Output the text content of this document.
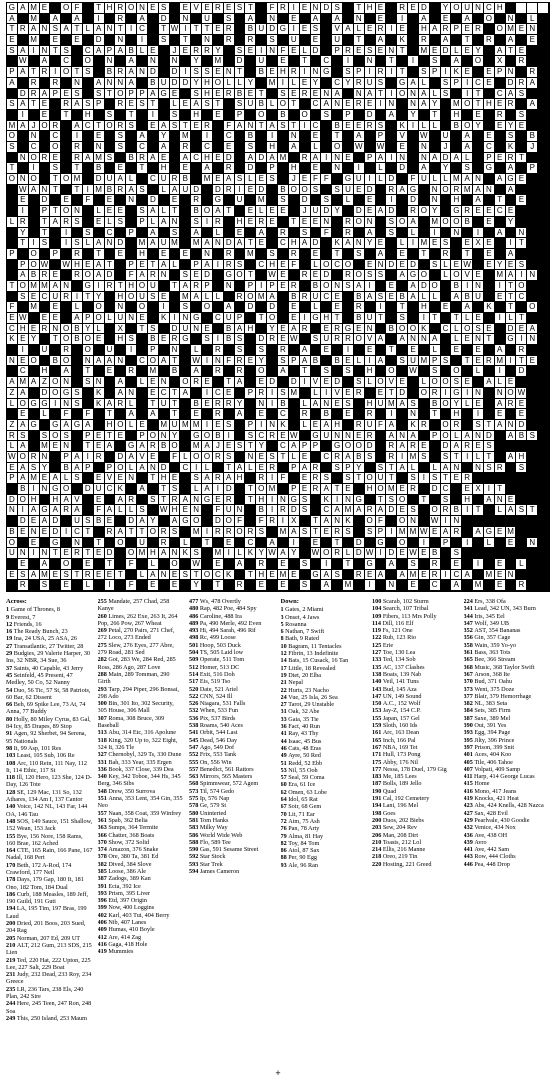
G A M E	O F	T H R O N E S	E V E R E S T	F R I E N D S	T H E	R E D	Y O U N C H
A	M	A	A	I	R	A	D	N	U	S	A	N	E	A	A	N	E	I	A	E	A	O	N	L
T R A N S A T L A N T I C	T W I T T E R	B U D G I E S	V A L E R I E	H A R P E R	O M E N
E	M	E	E	D	N	I	S	T	N	R	R	S	U	E	U	T	A	K	R	A	T	R	A	E
S A I N T S	C A P A B L E	J E R R Y	S E I N F E L D	P R E S E N T	M E D L E Y	A T E
W A	C	O	N	A	N	N	Y	M	D	U	E	T	C	I	N	T	I	S	A	O	X	R
P A T R I O T S	B R A N D	D I S S E N T	B E H R I N G	S P I R I T	S P I K E	E P N	R
A	R	R	N	A N N A	B U D D Y H O L L Y	M I L E Y	C Y R U S	G A L	S P I C E	D R A
D R A P E S	S T O P P A G E	S H E R B E T	S E R E N A	N A T I O N A L S	I T	C A S
S A T E	R A S P	R E S T	L E A S T	S U B L O T	C A N E R E I N	N A Y	M O T H E R	A
I	E	T	H	S	T	I	S	H	E	P	O	B	O	S	P	D	A	Y	T	H	E	R	S
M A J O R	A C T O R S	E A S T E R	F A N T A S T I C	B E E R S	K I L L	B O Y	E Y E
O	N	C	I	E	S	A	Y	M	I	C	B	I	N	E	T	A	P	V	W U	A	E	S	B
S	C	O	R	N	S	C	A	R	C	E	S	H	A	L	O	W W E	N	J	A	C	K	J
N O R E	R A M S	B R A E	A C H E D	A D A M	R A I N E	P A I N	N A D A L	P E R T
T	I	S	T	B	E	T	H	E	A	R	D	P	H	E	N	I	L	D	A	Y	S	G	A	P
O N O	T O M	D U A L	C U R B	M E A S L E S	J E F F	G U I L D	F U L L M A N	A G E
W A N T	T I M B R A S	L A U D	D R I E D	B O O S	S U E D	R A G	N O R M A N	A
E	D	E	F	E	N	D	E	R	G	U	M	S	D	S	L	E	I	D	N	H	A	T	E
I	P T O N	L E E	S A L T	B O A T	E L E E	J U D Y	D E A D	R O Y	G R E E C E
L R	T A R S	E L S	P L A N	S I R	H E R E	T E E N	R O N	S O A	M O O B	E	Y
Y	T	I	S	C	P	A	S	A	L	E	A	R	S	F	R	A	S	L	I	N	I	A	N
T I S	I S L A N D	M A U M	M A N D A T E	C H A D	K A N Y E	L I M E S	E X E	I T
P	O	P	R	T	E	H	E	E	N	R	M	S	R	E	T	S	A	E	T	R	T	E	A
P O W W H E A T	P E T A L	P A I R S	C H E F	L O C O	E N D E D	S L E W E Y E S
A B R E	R O A D	F A R N	S E D	G O T	W E	R E D	R O S S	A G O	L O V E	M A I N
T O M M A N	G I R T H O U	T A R P	N	P I P E R	B O N S A I	E	A D O	B I N	I T O
S E C U R I T Y	H O U S E	M A L L	R O M A	B R U C E	B A S E B A L L	A B U	E T C
F	M	E	L	O	N	O	I	S	O	A	D	D	E	L	E	R	I	T	H	E	A	K	T	O
E W E E	A P O L U N E	K I N G	C U P	T O	E I G H T	B U T	S	I T	T L E	I L T
C H E R N O B Y L	X	T S	D U N E	B A H	Y E A R	E R G E N	B O O K	C L O S E	D E A
K E Y	T O B O E	H S	B E R G	S I B S	D R E W S U R R O V A	A N N A	L E N T	G I N
I	U	R	O	U	I	P	N	L	R	S	S	R	A	E	I	E	T	E	L	E	E	A	R
N E O	B O	N A A N	C O A T	W I N F R E Y	S P A B	B E L I A	S U M P S	T E R M I T E
C	H	A	T	E	R	M	B	A	R	R	O	A	T	S	S	H	O	W S	O	L	I	D
A M A Z O N	S N	A	L E N	O R E	T A	E D	D I V E D	S L O V E	L O O S E	A L E
Z A	D O G S	K	A N	E C T A	I C E	P R I S M	L I V E R	E T D	O R I G I N	N O W
L O G G I N S	K A R L	T U T	B E R R Y	N I B	L A N E S	H U M A S	B O Y L E	A R E
E	L	F	F	T	A	A	T	E	R	A	E	C	R	B	E	R	I	N	T	H	I	E	E
Z A G	G A G A	H O L E	M U M M I E S	P I N K	L E A H	R U F A	K R	O R	S T A N D
R S	S O S	P E T E	P O N Y	G O B I	S C R E W G U N N E R	A N A	P O L A N D	A B S
L A	M E N	T E A	G A R B O	M A J E S T Y	C A P P	G O O D	R A R E	D A R E S
W O R N	P A I R	D A V E	F L O O R S	N E S T L E	C R A B S	R I M S	S T I L T	A H
E A S Y	B A P	P O L A N D	C I L	T A L E R	P A R	S P Y	S T A L	L A N	N S R	S
P A M E A L S	E V E N	T H E	S A R A H	R I F	E R S	S T O U T	S I S T E R
B I N G O	D U C K	A	T S	L A I D	T O M	P E R A T E	H O M E R	D C	E X I T
D O H	H A V	E	A R	S T R A N G E R	T H I N G S	K I N G	T S O	T	S	H	A N E
N I A G A R A	F A L L S	W H E N	F U N	B I R D S	C A M A R A D E S	O R B I T	L A S T
D E A D	U S B E	D A Y	A G O	D O F	F R I X	T A N K	O F	O N	W I N
B E N E D I C T	R A T T O R S	M I R R O R S	M A S T E R S	S P I M M W E A R	A G E M
O	E	G	N	T	O	U	R	L	T	E	C	A	I	E	T	D	G	O	I	P	I	L	E	N
U N I N T E R T E D	O M H A N K S	M I L K Y W A Y	W O R L D W I D E W E B	S
E	A	O	E	T	F	L	O	W E	A	R	E	S	I	T	G	A	S	R	E	I	E	L
E S A M E S T R E E T	L A N E S T O C K	T H E M E	G A S	R E A	A M E R I C A	M E N
R	S	E	L	I	F	E	E	Y	T	R	E	E	S	A	M	I	N	E	C	A	M	E	R
Across:
1 Game of Thrones, 8
9 Everest, 7
12 Friends, 16
16 The Ready Bunch, 23
19 Ina, 24 USA, 25 ASA, 26
27 Transatlantic, 27 Twitter, 28
29 Budgies, 29 Valerie Harper, 30 Ins, 32 NBR, 34 Sue, 36
37 Saints, 40 Capable, 43 Jerry
45 Seinfeld, 45 Present, 47 Medley, 50 Co, 52 Nanny
54 Duo, 56 Tic, 57 St, 58 Patriots, 60 Bar, 62 Dissent
66 Beh, 69 Spike Lee, 73 At, 74 Anna, 77 Buddy
80 Holly, 80 Miley Cyrus, 83 Gal, 84 Icy, 85 Drapes, 89 Stop
91 Agen, 92 Sherbet, 94 Serena, 95 Nationals
98 It, 99 Asp, 101 Res
103 Least, 105 Sub, 106 Re
108 Arc, 110 Rein, 111 Nay, 112 It, 114 Ethic, 117 St
118 Ill, 120 Hero, 123 She, 124 D-Day, 126 Tote
128 SE, 129 Mac, 131 So, 132 Athares, 134 Am I, 137 Cantor
140 Voice, 142 NL, 143 Far, 144 OA, 146 Tau
148 SOS, 149 Sauce, 151 Shallow, 152 Wean, 153 Jack
155 Bye, 156 Nore, 158 Rams, 160 Brae, 162 Ached
164 CTE, 165 Rain, 166 Pane, 167 Nadal, 168 Pert
170 Beth, 172 A-Rod, 174 Crawford, 177 Neil
178 Days, 179 Gap, 180 It, 181 Ono, 182 Tom, 184 Dual
186 Curb, 188 Measles, 189 Jeff, 190 Guild, 191 Guti
194 LA, 195 Tim, 197 Bras, 199 Laud
200 Dried, 201 Boos, 203 Sued, 204 Rag
205 Norman, 207 Ed, 209 UT
210 ALT, 212 Gum, 213 SDS, 215 Lien
219 Ted, 220 Hat, 222 Upton, 225 Lee, 227 Salt, 229 Boat
231 Judy, 232 Dead, 233 Roy, 234 Greece
235 LR, 236 Tars, 238 Els, 240 Plan, 242 Sire
244 Here, 245 Teen, 247 Ron, 248 Soa
249 This, 250 Island, 253 Maum
255 Mandate, 257 Chad, 258 Kanye
260 Limes, 262 Exe, 263 It, 264 Pop, 266 Pow, 267 Wheat
269 Petal, 270 Pairs, 271 Chef, 272 Loco, 273 Ended
275 Slew, 276 Eyes, 277 Abre, 279 Road, 281 Sed
282 Got, 283 We, 284 Red, 285 Ross, 286 Ago, 287 Love
288 Main, 289 Tomman, 290 Girth
293 Tarp, 294 Piper, 296 Bonsai, 298 Ado
300 Bin, 301 Ito, 302 Security, 305 House, 306 Mall
307 Roma, 308 Bruce, 309 Baseball
313 Abu, 314 Etc, 316 Apolune
318 King, 320 Up to, 322 Eight, 324 It, 326 Tle
327 Chernobyl, 329 Ts, 330 Dune
331 Bah, 333 Year, 335 Ergen
336 Book, 337 Close, 339 Dea
340 Key, 342 Toboe, 344 Hs, 345 Berg, 346 Sibs
348 Drew, 350 Surrova
351 Anna, 353 Lent, 354 Gin, 355 Neo
357 Naan, 358 Coat, 359 Winfrey
361 Spab, 362 Belia
363 Sumps, 364 Termite
366 Chatter, 368 Boats
370 Show, 372 Solid
374 Amazon, 376 Snake
378 Ore, 380 Ta, 381 Ed
382 Dived, 384 Slove
385 Loose, 386 Ale
387 Zadogs, 389 Kan
391 Ecta, 392 Ice
393 Prism, 395 Liver
396 Etd, 397 Origin
399 Now, 400 Loggins
402 Karl, 403 Tut, 404 Berry
406 Nib, 407 Lanes
409 Humas, 410 Boyle
412 Are, 414 Zag
416 Gaga, 418 Hole
419 Mummies
477 Ws, 478 Overtly
480 Rap, 482 Poe, 484 Spy
486 Caroline, 488 Ira
489 Pa, 490 Merle, 492 Even
493 Hi, 494 Sarah, 496 Rif
498 Rc, 499 Loose
501 Hoop, 503 Duck
504 TS, 505 Laid low
509 Operate, 511 Tom
512 Homer, 513 DC
514 Exit, 516 Doh
517 Eis, 519 Tso
520 Date, 521 Ariel
522 CNN, 524 Ill
526 Niagara, 531 Falls
532 When, 533 Fun
536 Pix, 537 Birds
538 Roams, 540 Aces
541 Orbit, 544 Last
545 Dead, 546 Day
547 Ago, 549 Dof
552 Frix, 553 Tank
555 On, 556 Win
557 Benedict, 561 Rattors
563 Mirrors, 565 Masters
568 Spimmwear, 572 Agem
573 Til, 574 Gedo
575 Ip, 576 Nap
578 Ge, 579 St
580 Uninterted
581 Tom Hanks
583 Milky Way
586 World Wide Web
588 Flo, 589 Tee
590 Gas, 591 Sesame Street
592 Star Stock
593 Star Trek
594 James Cameron
Down:
1 Gates, 2 Miami
3 Onset, 4 Jaws
5 Rosanna
6 Nathan, 7 Swift
8 Bath, 9 Rated
10 Bagram, 11 Tentacles
12 Fibrin, 13 Indefinite
14 Bats, 15 Cusack, 16 Tan
17 Little, 18 Revealed
19 Diet, 20 Elba
21 Nepal
22 Hurts, 23 Nacho
24 Vue, 25 Isla, 26 Sea
27 Tarot, 29 Unstable
31 Oak, 32 Abe
33 Gaia, 35 Tie
36 Fact, 40 Run
41 Ray, 43 Thy
44 Isaac, 45 Bus
46 Cats, 48 Eras
49 Ayre, 50 Red
51 Redd, 52 Ebb
53 Nil, 55 Ooh
57 Seal, 59 Coma
60 Era, 61 Ice
62 Omen, 63 Lobe
64 Idol, 65 Rat
67 Soir, 68 Gem
70 Lit, 71 Ear
72 Aim, 75 Ash
76 Pan, 78 Arty
79 Alma, 81 Hay
82 Toy, 84 Tom
86 Atol, 87 Sax
88 Per, 90 Egg
93 Ale, 96 Ran
100 Scarab, 102 Sturm
104 Search, 107 Tribal
109 Fibers, 113 Mrs Polly
114 Dill, 116 Elf
119 Fs, 121 One
122 Rub, 123 Rio
125 Erie
127 Toe, 130 Lea
133 Ted, 134 Sob
135 AC, 137 Clashes
138 Boats, 139 Nab
140 Veil, 141 Tuns
143 Bud, 145 Aza
147 UN, 149 Sound
150 A.C., 152 Wolf
153 Jay-Z, 154 C.P.
155 Japan, 157 Gel
159 Sloth, 160 Ids
161 Arc, 163 Dean
165 Inch, 166 Pal
167 NBA, 169 Tet
171 Hull, 173 Pong
175 Abby, 176 Nil
177 Nessa, 178 Duel, 179 Gig
183 Me, 185 Lees
187 Bolls, 189 Jello
190 Quad
191 Cal, 192 Cemetery
194 Lani, 196 Mel
198 Goes
200 Duos, 202 Biebs
203 Sew, 204 Rev
206 Man, 208 Dirt
210 Toasts, 212 Lol
214 Ellis, 216 Manne
218 Oreo, 219 Tin
220 Hosting, 221 Greed
224 Ers, 338 Ofa
341 Lead, 342 UN, 343 Burn
344 Iris, 345 Eel
347 Wolf, 349 UB
352 AST, 354 Bananas
356 Gin, 357 Cage
358 Wain, 359 Yo-yo
361 Bass, 363 Tots
365 Bee, 366 Stream
368 Music, 368 Taylor Swift
367 Arson, 368 Ite
370 Bud, 371 Oahu
373 Went, 375 Doze
377 Blair, 379 Hemorrhage
382 NL, 383 Seta
384 Sets, 385 Firm
387 Saxe, 389 Mel
390 Out, 391 Yes
393 Egg, 394 Page
395 Jilty, 396 Prince
397 Prison, 399 Snit
401 Aces, 404 Koo
405 Tile, 406 Tahoe
407 Volpati, 409 Samp
411 Harp, 414 George Lucas
415 Home
416 Mono, 417 Jeans
419 Knocks, 421 Heat
423 Abs, 424 Knells, 428 Nazca
427 Sax, 428 Evil
429 Pearlvale, 430 Goodie
432 Venice, 434 Nox
436 Ave, 438 OH
439 Avro
441 Ave, 442 Sam
443 Row, 444 Cloths
446 Pea, 448 Drop
+
